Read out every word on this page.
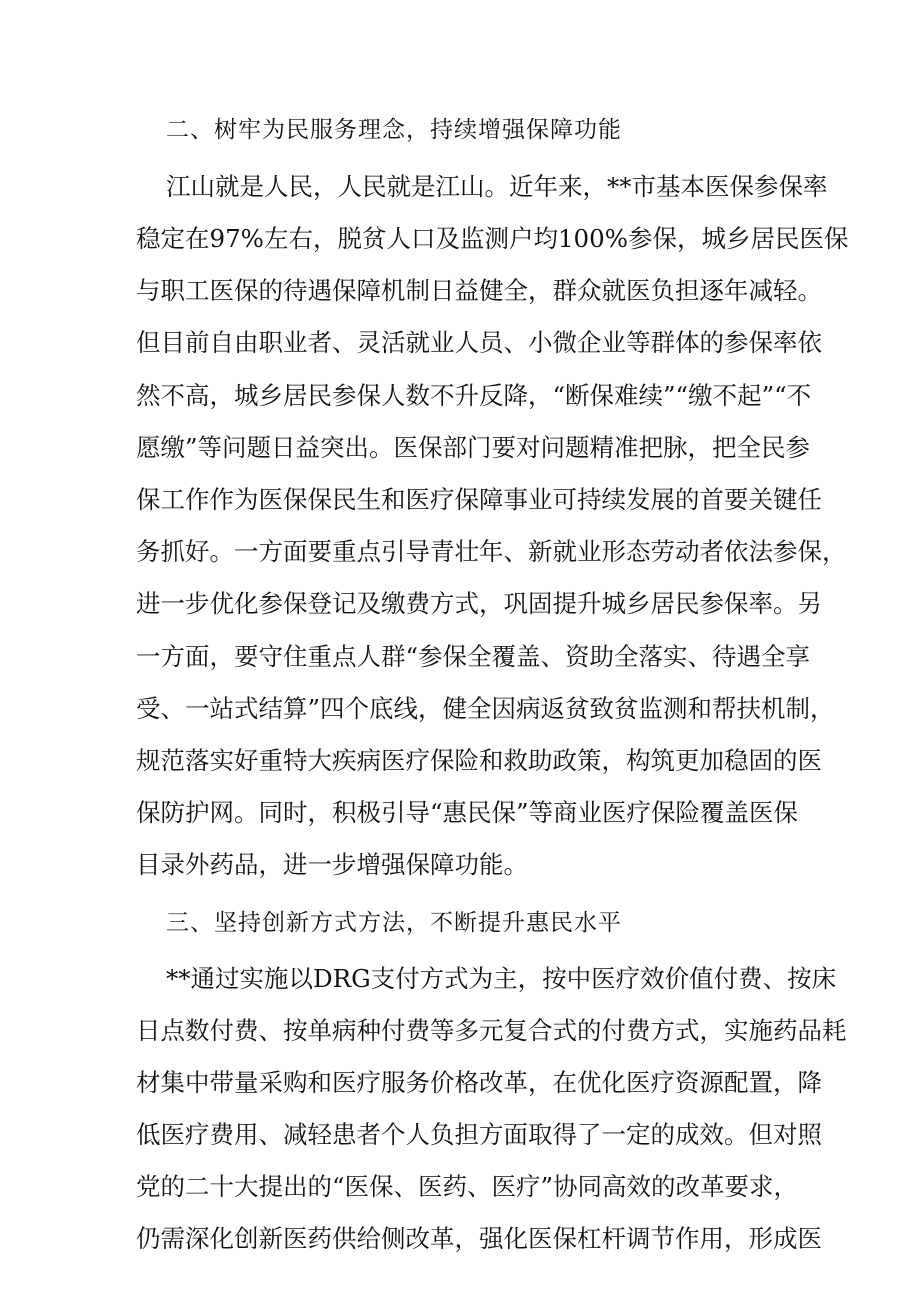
二、树牢为民服务理念，持续增强保障功能
江山就是人民，人民就是江山。近年来，**市基本医保参保率
稳定在97%左右，脱贫人口及监测户均100%参保，城乡居民医保
与职工医保的待遇保障机制日益健全，群众就医负担逐年减轻。
但目前自由职业者、灵活就业人员、小微企业等群体的参保率依
然不高，城乡居民参保人数不升反降，“断保难续”“缴不起”“不
愿缴”等问题日益突出。医保部门要对问题精准把脉，把全民参
保工作作为医保保民生和医疗保障事业可持续发展的首要关键任
务抓好。一方面要重点引导青壮年、新就业形态劳动者依法参保，
进一步优化参保登记及缴费方式，巩固提升城乡居民参保率。另
一方面，要守住重点人群“参保全覆盖、资助全落实、待遇全享
受、一站式结算”四个底线，健全因病返贫致贫监测和帮扶机制，
规范落实好重特大疾病医疗保险和救助政策，构筑更加稳固的医
保防护网。同时，积极引导“惠民保”等商业医疗保险覆盖医保
目录外药品，进一步增强保障功能。
三、坚持创新方式方法，不断提升惠民水平
**通过实施以DRG支付方式为主，按中医疗效价值付费、按床
日点数付费、按单病种付费等多元复合式的付费方式，实施药品耗
材集中带量采购和医疗服务价格改革，在优化医疗资源配置，降
低医疗费用、减轻患者个人负担方面取得了一定的成效。但对照
党的二十大提出的“医保、医药、医疗”协同高效的改革要求，
仍需深化创新医药供给侧改革，强化医保杠杆调节作用，形成医
